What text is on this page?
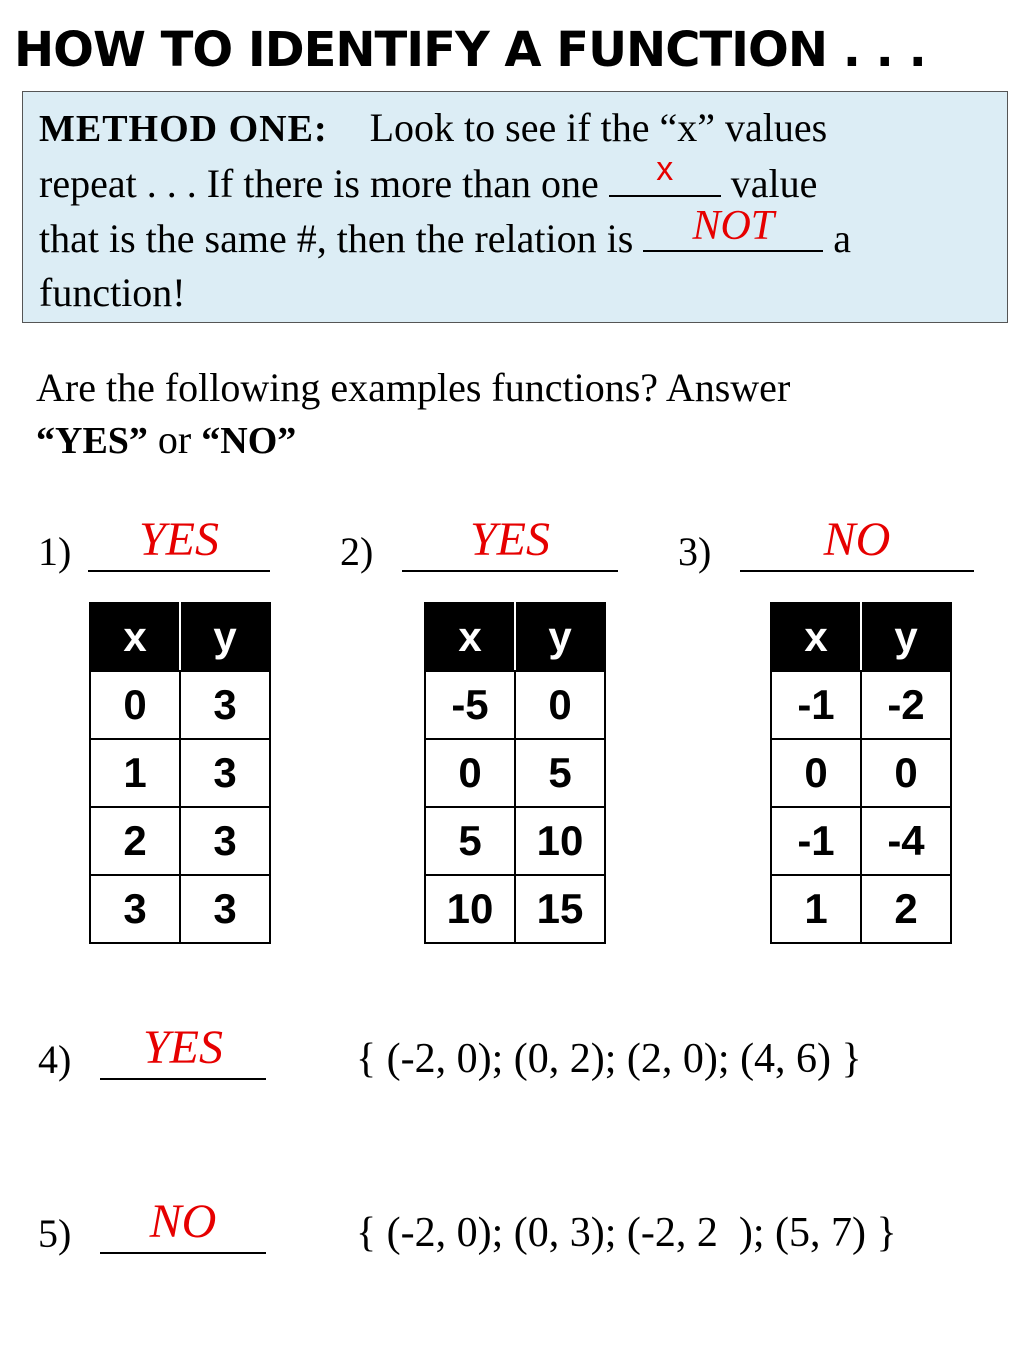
HOW TO IDENTIFY A FUNCTION . . .
METHOD ONE: Look to see if the “x” values
repeat . . . If there is more than one	x	value
that is the same #, then the relation is	NOT	a
function!
Are the following examples functions? Answer
“YES” or “NO”
1)	YES
x	y
0	3
1	3
2	3
3	3
2)	YES
x	y
-5	0
0	5
5	10
10	15
3)	NO
x	y
-1	-2
0	0
-1	-4
1	2
4)	YES	{ (-2, 0); (0, 2); (2, 0); (4, 6) }
5)	NO	{ (-2, 0); (0, 3); (-2, 2  ); (5, 7) }
